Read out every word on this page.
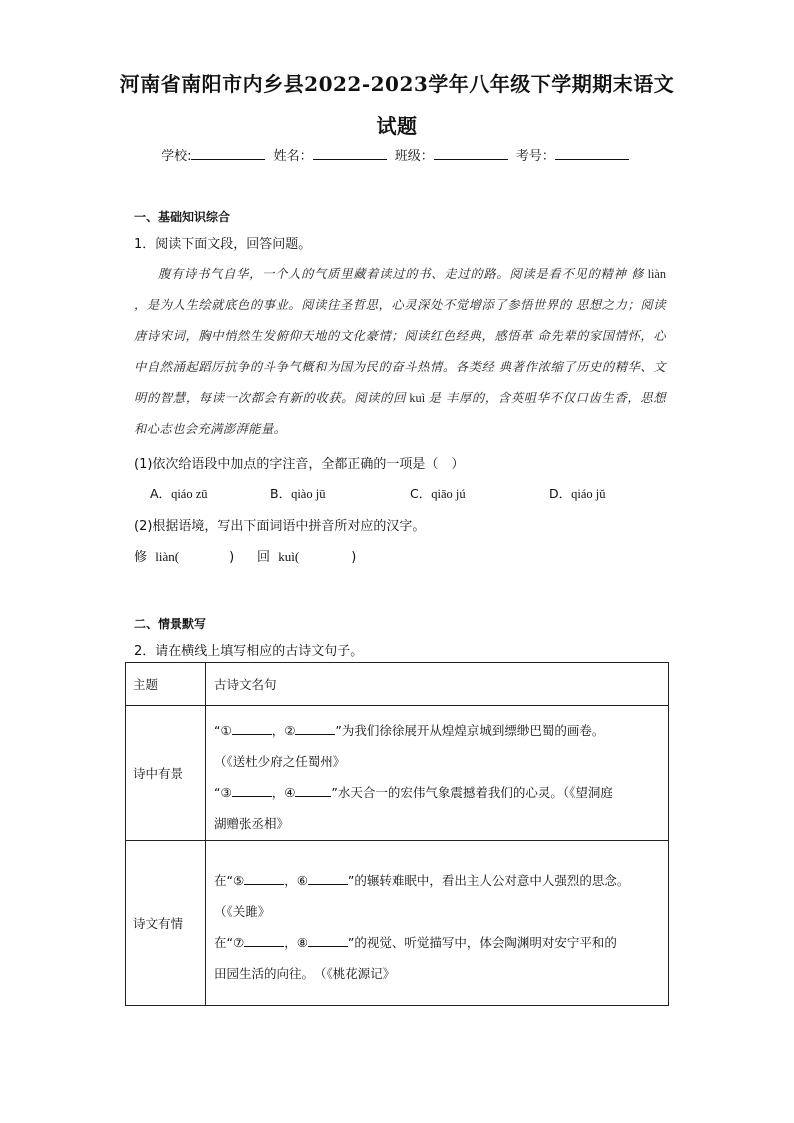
河南省南阳市内乡县2022-2023学年八年级下学期期末语文
试题
学校:	姓名：	班级：	考号：
一、基础知识综合
1．阅读下面文段，回答问题。
腹有诗书气自华，一个人的气质里藏着读过的书、走过的路。阅读是看不见的精神 修 liàn ，是为人生绘就底色的事业。阅读往圣哲思，心灵深处不觉增添了参悟世界的 思想之力；阅读唐诗宋词，胸中悄然生发俯仰天地的文化豪情；阅读红色经典，感悟革 命先辈的家国情怀，心中自然涌起蹈厉抗争的斗争气概和为国为民的奋斗热情。各类经 典著作浓缩了历史的精华、文明的智慧，每读一次都会有新的收获。阅读的回 kuì 是 丰厚的，含英咀华不仅口齿生香，思想和心志也会充满澎湃能量。
(1)依次给语段中加点的字注音，全都正确的一项是（　）
A．qiáo zū	B．qiào jū	C．qiāo jú	D．qiáo jǔ
(2)根据语境，写出下面词语中拼音所对应的汉字。
修 liàn(	) 回 kuì(	)
二、情景默写
2．请在横线上填写相应的古诗文句子。
主题	古诗文名句
诗中有景	“① ，② ”为我们徐徐展开从煌煌京城到缥缈巴蜀的画卷。
（《送杜少府之任蜀州》
“③ ，④ ”水天合一的宏伟气象震撼着我们的心灵。（《望洞庭
湖赠张丞相》

诗文有情	在“⑤ ，⑥ ”的辗转难眠中，看出主人公对意中人强烈的思念。
（《关雎》
在“⑦ ，⑧ ”的视觉、听觉描写中，体会陶渊明对安宁平和的
田园生活的向往。　（《桃花源记》
